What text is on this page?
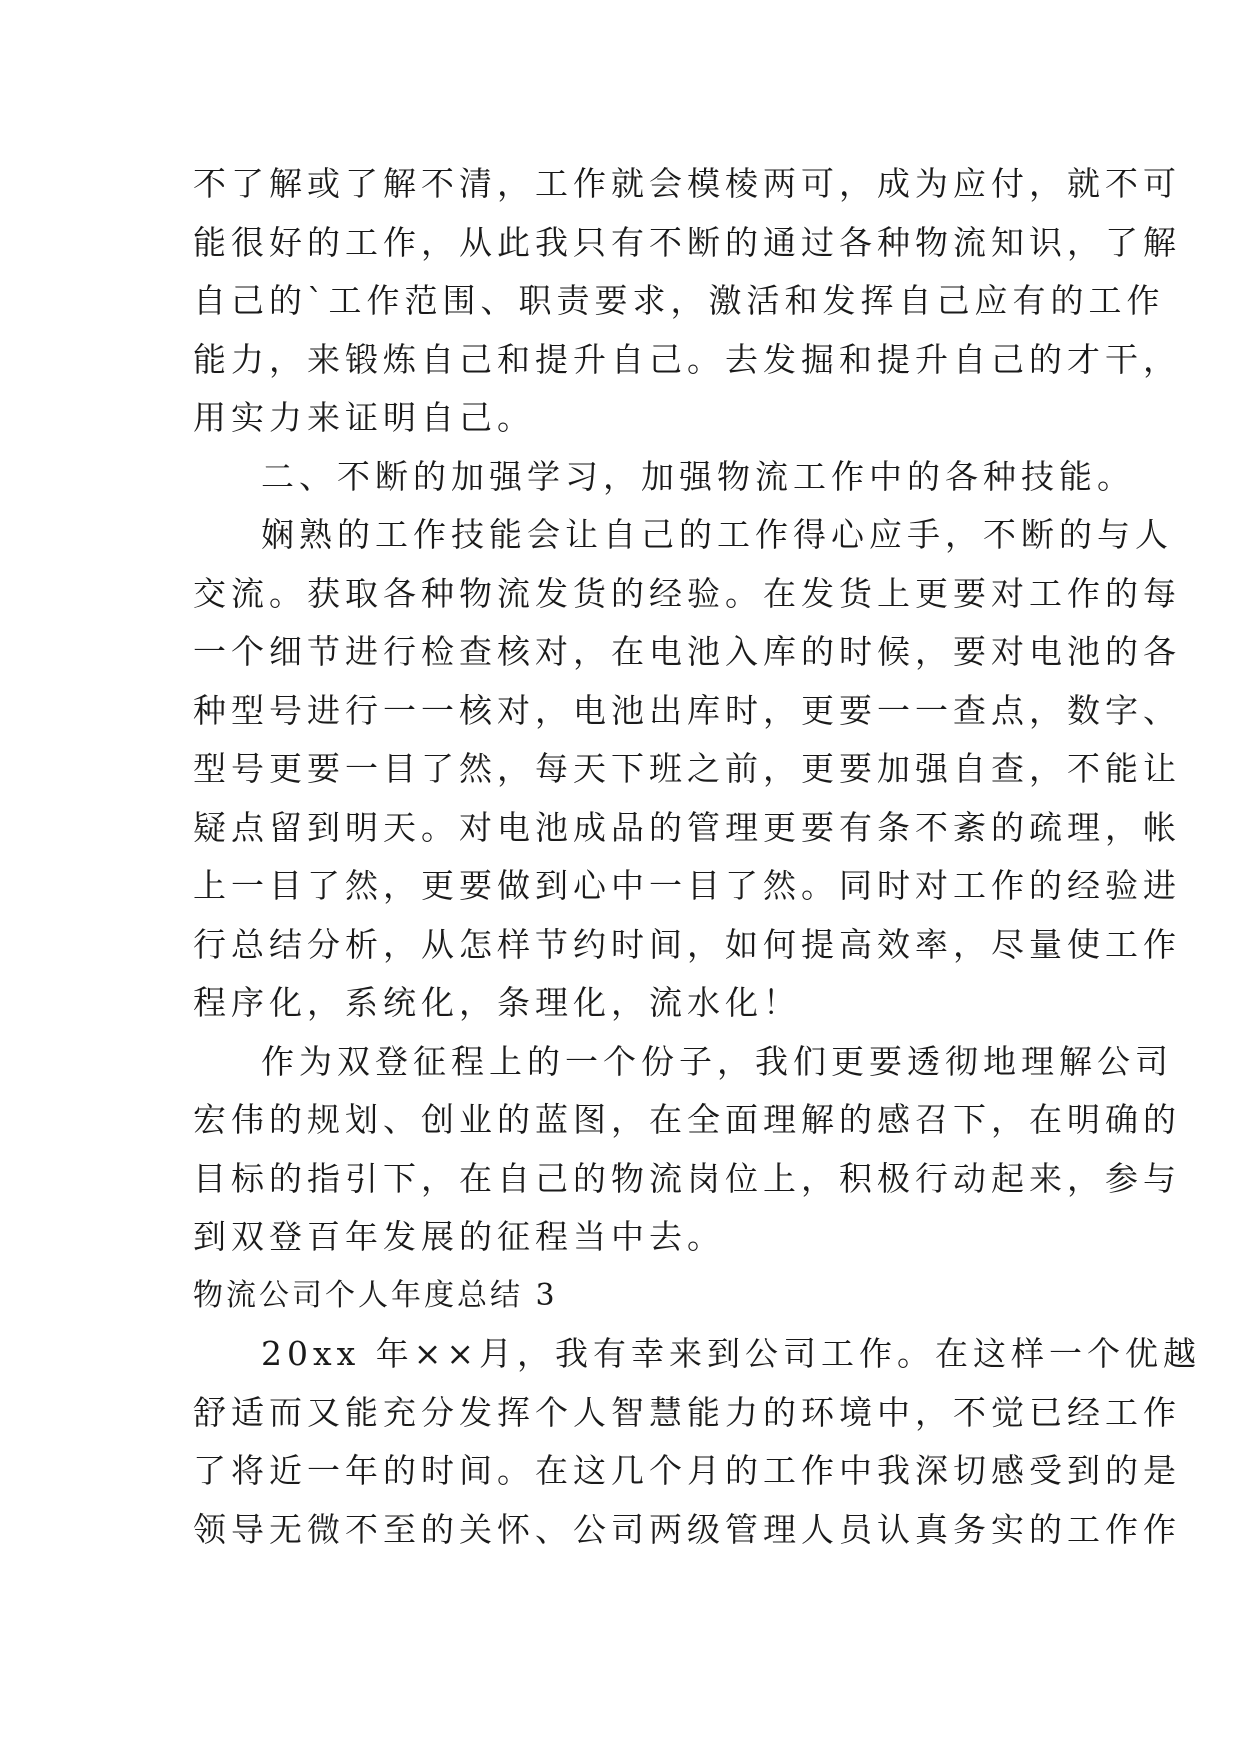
不了解或了解不清，工作就会模棱两可，成为应付，就不可
能很好的工作，从此我只有不断的通过各种物流知识，了解
自己的`工作范围、职责要求，激活和发挥自己应有的工作
能力，来锻炼自己和提升自己。去发掘和提升自己的才干，
用实力来证明自己。
二、不断的加强学习，加强物流工作中的各种技能。
娴熟的工作技能会让自己的工作得心应手，不断的与人
交流。获取各种物流发货的经验。在发货上更要对工作的每
一个细节进行检查核对，在电池入库的时候，要对电池的各
种型号进行一一核对，电池出库时，更要一一查点，数字、
型号更要一目了然，每天下班之前，更要加强自查，不能让
疑点留到明天。对电池成品的管理更要有条不紊的疏理，帐
上一目了然，更要做到心中一目了然。同时对工作的经验进
行总结分析，从怎样节约时间，如何提高效率，尽量使工作
程序化，系统化，条理化，流水化！
作为双登征程上的一个份子，我们更要透彻地理解公司
宏伟的规划、创业的蓝图，在全面理解的感召下，在明确的
目标的指引下，在自己的物流岗位上，积极行动起来，参与
到双登百年发展的征程当中去。
物流公司个人年度总结 3
20xx 年××月，我有幸来到公司工作。在这样一个优越
舒适而又能充分发挥个人智慧能力的环境中，不觉已经工作
了将近一年的时间。在这几个月的工作中我深切感受到的是
领导无微不至的关怀、公司两级管理人员认真务实的工作作
